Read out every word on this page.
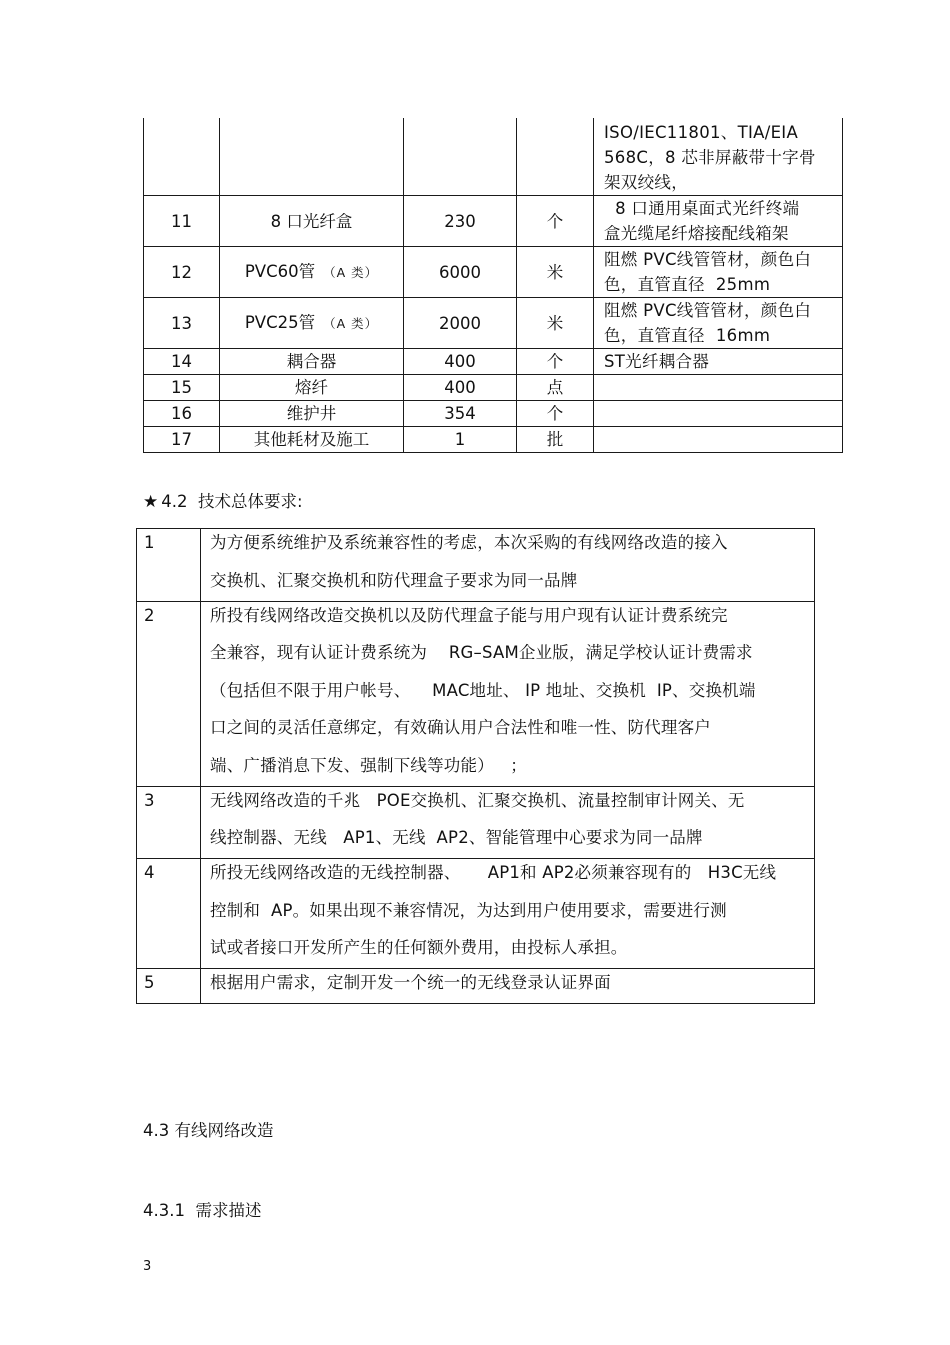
				ISO/IEC11801、TIA/EIA
568C，8 芯非屏蔽带十字骨
架双绞线，

11	8 口光纤盒	230	个	8 口通用桌面式光纤终端
盒光缆尾纤熔接配线箱架

12	PVC60管 （A 类）	6000	米	阻燃 PVC线管管材，颜色白
色，直管直径  25mm

13	PVC25管 （A 类）	2000	米	阻燃 PVC线管管材，颜色白
色，直管直径  16mm

14	耦合器	400	个	ST光纤耦合器
15	熔纤	400	点	
16	维护井	354	个	
17	其他耗材及施工	1	批	
★ 4.2  技术总体要求:
1	为方便系统维护及系统兼容性的考虑，本次采购的有线网络改造的接入
交换机、汇聚交换机和防代理盒子要求为同一品牌

2	所投有线网络改造交换机以及防代理盒子能与用户现有认证计费系统完
全兼容，现有认证计费系统为    RG–SAM企业版，满足学校认证计费需求
（包括但不限于用户帐号、    MAC地址、 IP 地址、交换机  IP、交换机端
口之间的灵活任意绑定，有效确认用户合法性和唯一性、防代理客户
端、广播消息下发、强制下线等功能）   ；

3	无线网络改造的千兆   POE交换机、汇聚交换机、流量控制审计网关、无
线控制器、无线   AP1、无线  AP2、智能管理中心要求为同一品牌

4	所投无线网络改造的无线控制器、     AP1和 AP2必须兼容现有的   H3C无线
控制和  AP。如果出现不兼容情况，为达到用户使用要求，需要进行测
试或者接口开发所产生的任何额外费用，由投标人承担。

5	根据用户需求，定制开发一个统一的无线登录认证界面
4.3 有线网络改造
4.3.1  需求描述
3
